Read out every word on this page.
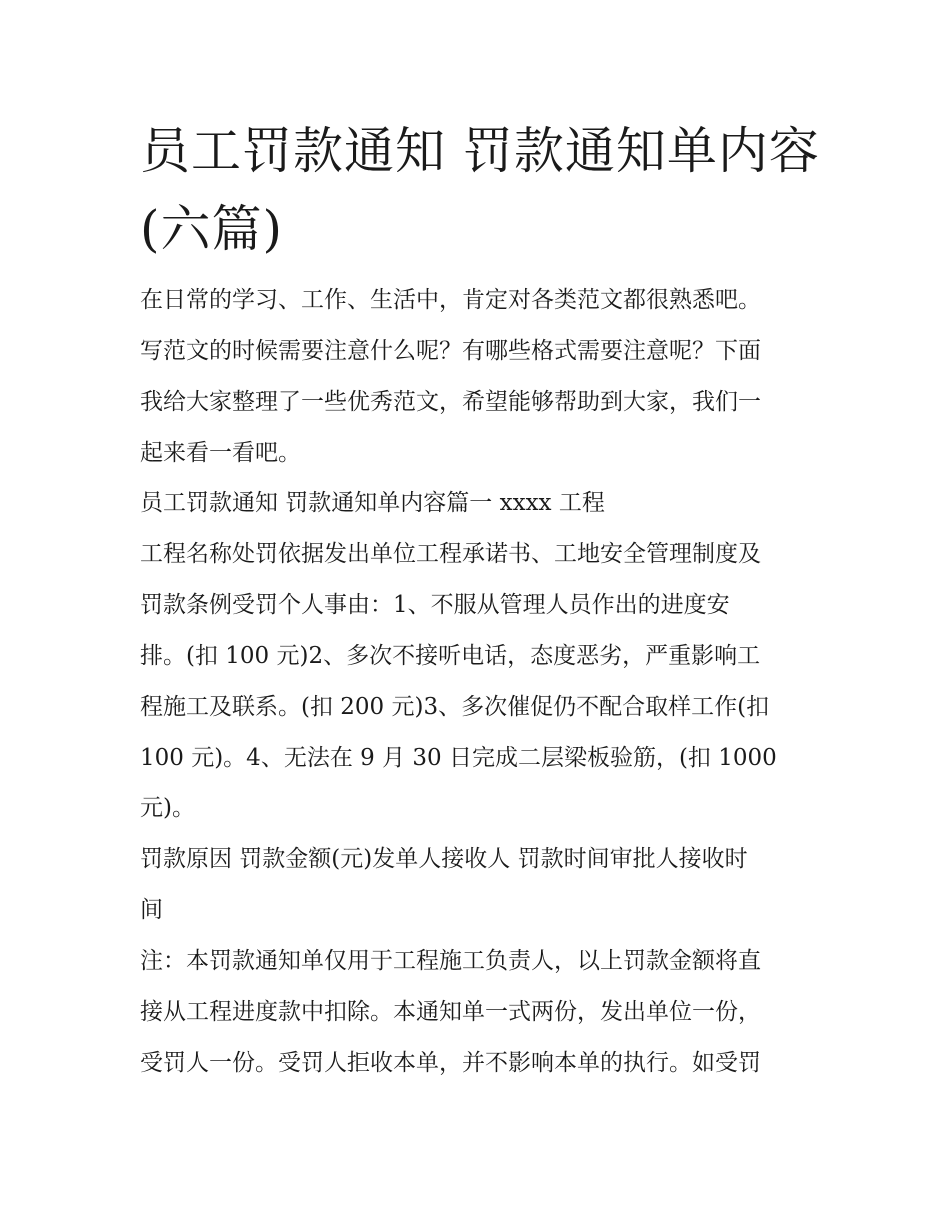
员工罚款通知 罚款通知单内容
(六篇)

在日常的学习、工作、生活中，肯定对各类范文都很熟悉吧。

写范文的时候需要注意什么呢？有哪些格式需要注意呢？下面

我给大家整理了一些优秀范文，希望能够帮助到大家，我们一

起来看一看吧。

员工罚款通知 罚款通知单内容篇一 xxxx 工程

工程名称处罚依据发出单位工程承诺书、工地安全管理制度及

罚款条例受罚个人事由：1、不服从管理人员作出的进度安

排。(扣 100 元)2、多次不接听电话，态度恶劣，严重影响工

程施工及联系。(扣 200 元)3、多次催促仍不配合取样工作(扣

100 元)。4、无法在 9 月 30 日完成二层梁板验筋，(扣 1000

元)。

罚款原因 罚款金额(元)发单人接收人 罚款时间审批人接收时

间

注：本罚款通知单仅用于工程施工负责人，以上罚款金额将直

接从工程进度款中扣除。本通知单一式两份，发出单位一份，

受罚人一份。受罚人拒收本单，并不影响本单的执行。如受罚
